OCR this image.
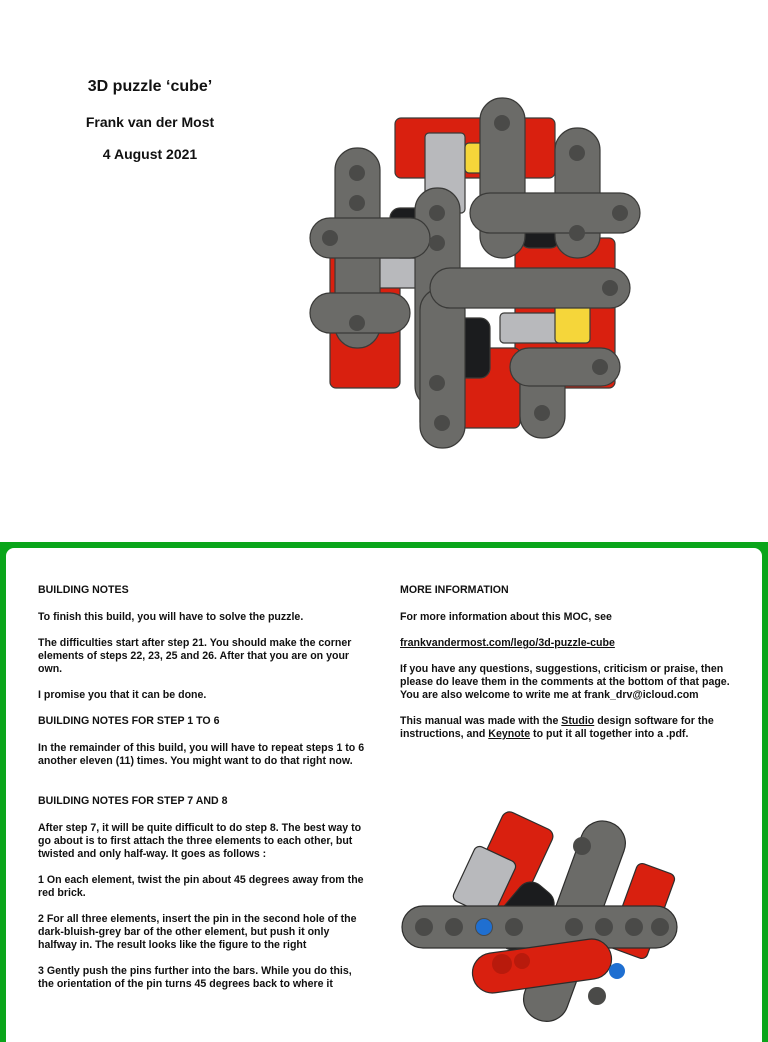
3D puzzle ‘cube’

Frank van der Most

4 August 2021

BUILDING NOTES

To finish this build, you will have to solve the puzzle.

The difficulties start after step 21. You should make the corner elements of steps 22, 23, 25 and 26. After that you are on your own.

I promise you that it can be done.

BUILDING NOTES FOR STEP 1 TO 6

In the remainder of this build, you will have to repeat steps 1 to 6 another eleven (11) times. You might want to do that right now.

BUILDING NOTES FOR STEP 7 AND 8

After step 7, it will be quite difficult to do step 8. The best way to go about is to first attach the three elements to each other, but twisted and only half-way. It goes as follows :

1 On each element, twist the pin about 45 degrees away from the red brick.

2 For all three elements, insert the pin in the second hole of the dark-bluish-grey bar of the other element, but push it only halfway in. The result looks like the figure to the right

3 Gently push the pins further into the bars. While you do this, the orientation of the pin turns 45 degrees back to where it

MORE INFORMATION

For more information about this MOC, see

frankvandermost.com/lego/3d-puzzle-cube

If you have any questions, suggestions, criticism or praise, then please do leave them in the comments at the bottom of that page. You are also welcome to write me at frank_drv@icloud.com

This manual was made with the Studio design software for the instructions, and Keynote to put it all together into a .pdf.
